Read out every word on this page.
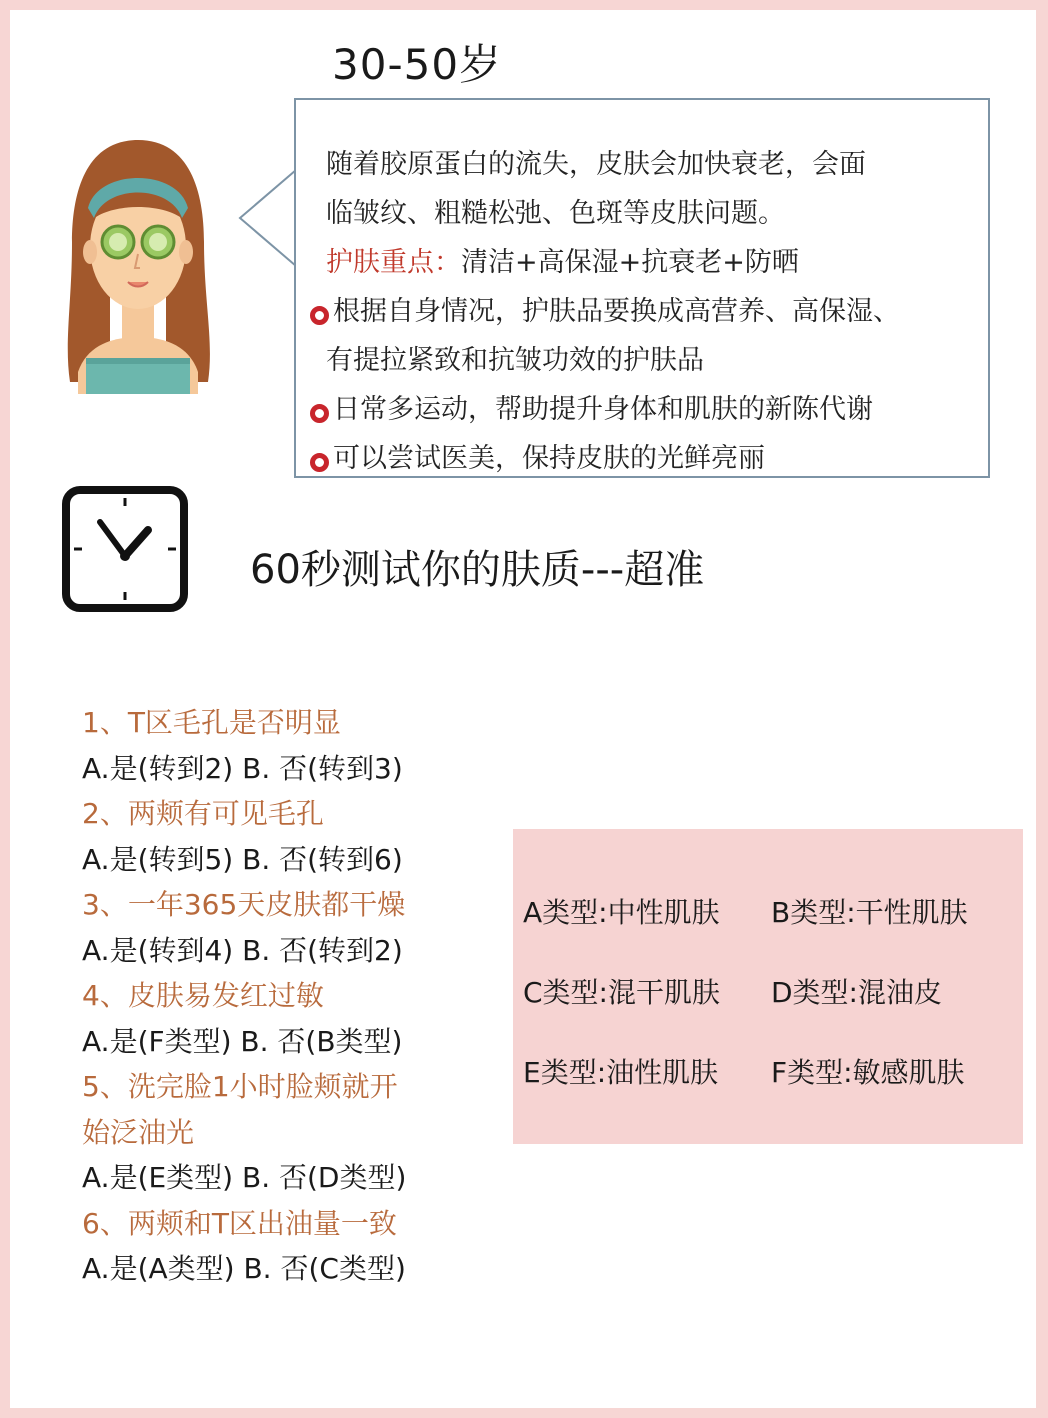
30-50岁
随着胶原蛋白的流失，皮肤会加快衰老，会面
临皱纹、粗糙松弛、色斑等皮肤问题。
护肤重点：清洁+高保湿+抗衰老+防晒
根据自身情况，护肤品要换成高营养、高保湿、
有提拉紧致和抗皱功效的护肤品
日常多运动，帮助提升身体和肌肤的新陈代谢
可以尝试医美，保持皮肤的光鲜亮丽
60秒测试你的肤质---超准
1、T区毛孔是否明显
A.是(转到2) B. 否(转到3)
2、两颊有可见毛孔
A.是(转到5) B. 否(转到6)
3、一年365天皮肤都干燥
A.是(转到4) B. 否(转到2)
4、皮肤易发红过敏
A.是(F类型) B. 否(B类型)
5、洗完脸1小时脸颊就开
始泛油光
A.是(E类型) B. 否(D类型)
6、两颊和T区出油量一致
A.是(A类型) B. 否(C类型)
A类型:中性肌肤	B类型:干性肌肤
C类型:混干肌肤	D类型:混油皮
E类型:油性肌肤	F类型:敏感肌肤
